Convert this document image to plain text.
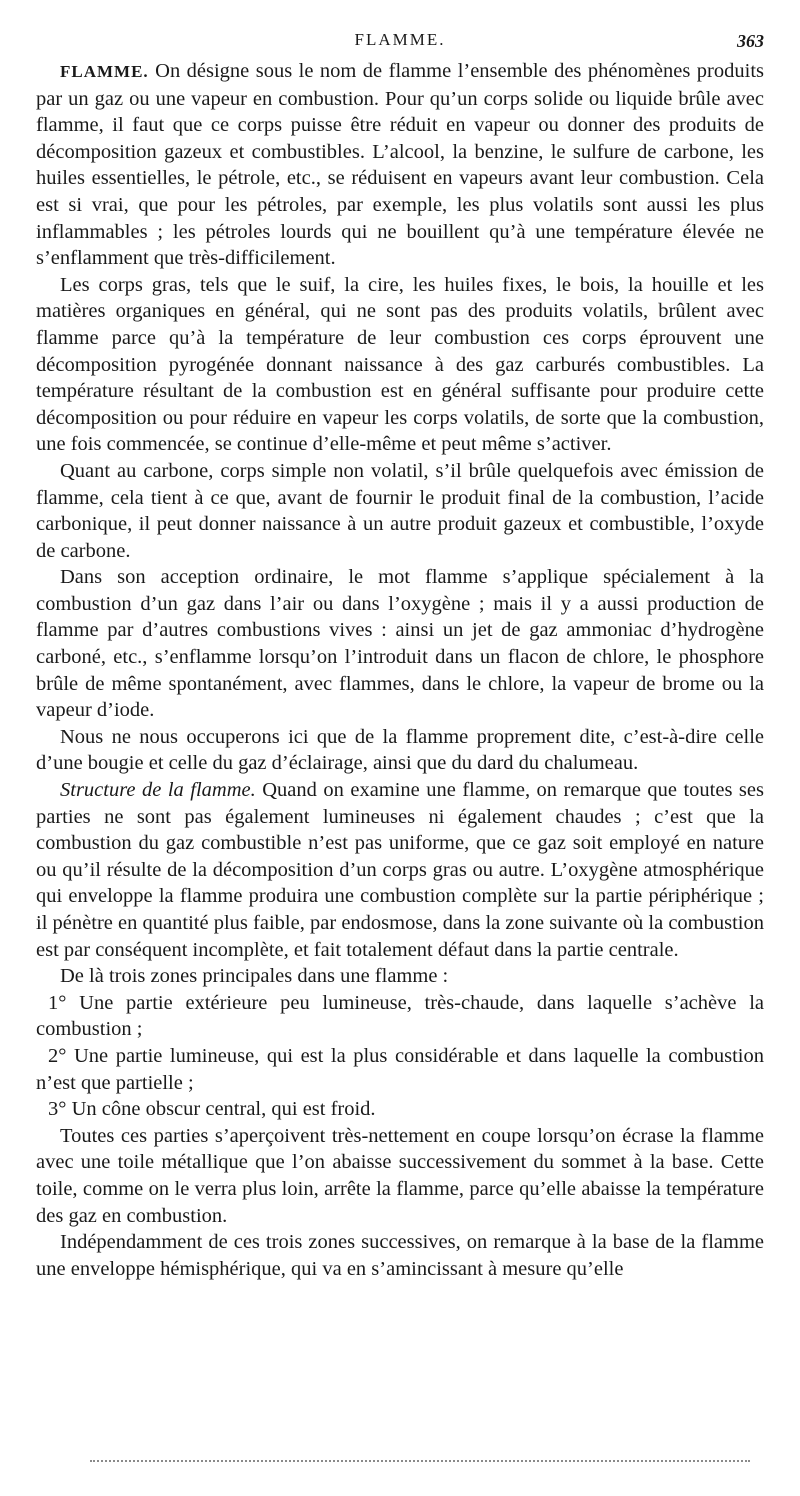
FLAMME.	363

FLAMME. On désigne sous le nom de flamme l’ensemble des phénomènes produits par un gaz ou une vapeur en combustion. Pour qu’un corps solide ou liquide brûle avec flamme, il faut que ce corps puisse être réduit en vapeur ou donner des produits de décomposition gazeux et combustibles. L’alcool, la benzine, le sulfure de carbone, les huiles essentielles, le pétrole, etc., se réduisent en vapeurs avant leur combustion. Cela est si vrai, que pour les pétroles, par exemple, les plus volatils sont aussi les plus inflammables ; les pétroles lourds qui ne bouillent qu’à une température élevée ne s’enflamment que très-difficilement.

Les corps gras, tels que le suif, la cire, les huiles fixes, le bois, la houille et les matières organiques en général, qui ne sont pas des produits volatils, brûlent avec flamme parce qu’à la température de leur combustion ces corps éprouvent une décomposition pyrogénée donnant naissance à des gaz carburés combustibles. La température résultant de la combustion est en général suffisante pour produire cette décomposition ou pour réduire en vapeur les corps volatils, de sorte que la combustion, une fois commencée, se continue d’elle-même et peut même s’activer.

Quant au carbone, corps simple non volatil, s’il brûle quelquefois avec émission de flamme, cela tient à ce que, avant de fournir le produit final de la combustion, l’acide carbonique, il peut donner naissance à un autre produit gazeux et combustible, l’oxyde de carbone.

Dans son acception ordinaire, le mot flamme s’applique spécialement à la combustion d’un gaz dans l’air ou dans l’oxygène ; mais il y a aussi production de flamme par d’autres combustions vives : ainsi un jet de gaz ammoniac d’hydrogène carboné, etc., s’enflamme lorsqu’on l’introduit dans un flacon de chlore, le phosphore brûle de même spontanément, avec flammes, dans le chlore, la vapeur de brome ou la vapeur d’iode.

Nous ne nous occuperons ici que de la flamme proprement dite, c’est-à-dire celle d’une bougie et celle du gaz d’éclairage, ainsi que du dard du chalumeau.

Structure de la flamme. Quand on examine une flamme, on remarque que toutes ses parties ne sont pas également lumineuses ni également chaudes ; c’est que la combustion du gaz combustible n’est pas uniforme, que ce gaz soit employé en nature ou qu’il résulte de la décomposition d’un corps gras ou autre. L’oxygène atmosphérique qui enveloppe la flamme produira une combustion complète sur la partie périphérique ; il pénètre en quantité plus faible, par endosmose, dans la zone suivante où la combustion est par conséquent incomplète, et fait totalement défaut dans la partie centrale.

De là trois zones principales dans une flamme :

1° Une partie extérieure peu lumineuse, très-chaude, dans laquelle s’achève la combustion ;

2° Une partie lumineuse, qui est la plus considérable et dans laquelle la combustion n’est que partielle ;

3° Un cône obscur central, qui est froid.

Toutes ces parties s’aperçoivent très-nettement en coupe lorsqu’on écrase la flamme avec une toile métallique que l’on abaisse successivement du sommet à la base. Cette toile, comme on le verra plus loin, arrête la flamme, parce qu’elle abaisse la température des gaz en combustion.

Indépendamment de ces trois zones successives, on remarque à la base de la flamme une enveloppe hémisphérique, qui va en s’amincissant à mesure qu’elle
